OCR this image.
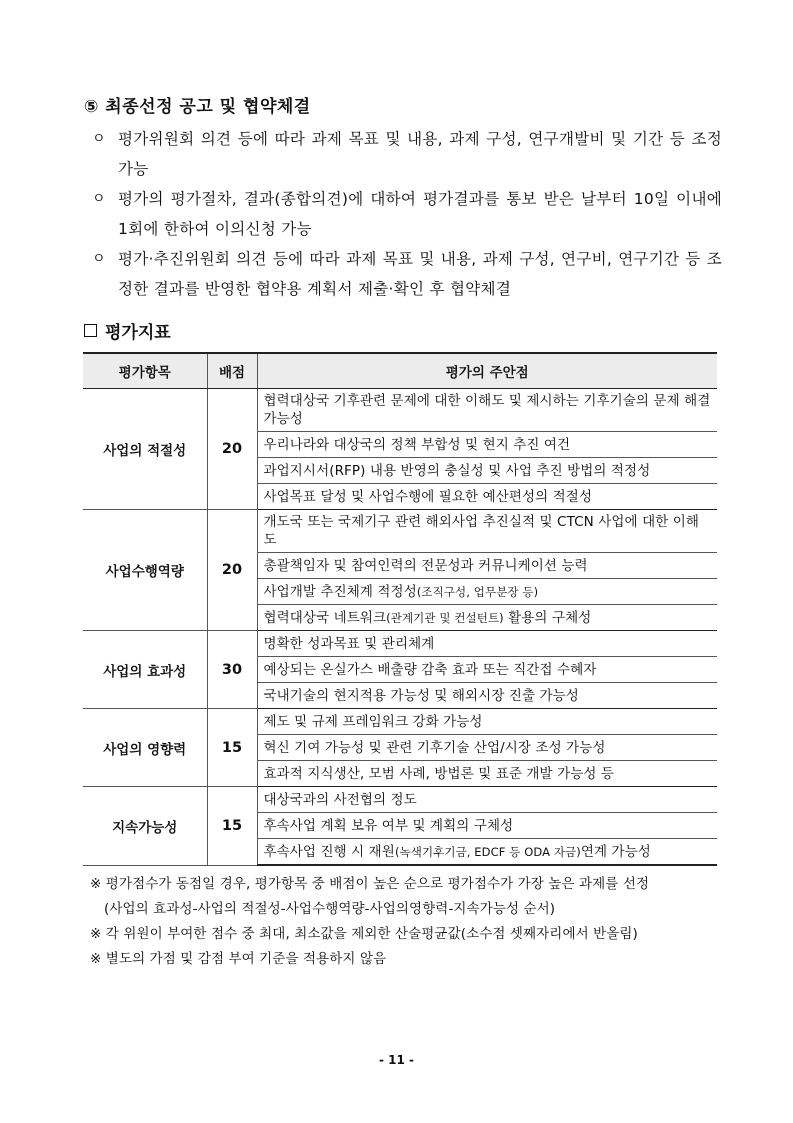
⑤ 최종선정 공고 및 협약체결
ㅇ 평가위원회 의견 등에 따라 과제 목표 및 내용, 과제 구성, 연구개발비 및 기간 등 조정 가능
ㅇ 평가의 평가절차, 결과(종합의견)에 대하여 평가결과를 통보 받은 날부터 10일 이내에 1회에 한하여 이의신청 가능
ㅇ 평가·추진위원회 의견 등에 따라 과제 목표 및 내용, 과제 구성, 연구비, 연구기간 등 조정한 결과를 반영한 협약용 계획서 제출·확인 후 협약체결
평가지표
평가항목	배점	평가의 주안점
사업의 적절성	20	협력대상국 기후관련 문제에 대한 이해도 및 제시하는 기후기술의 문제 해결가능성
		우리나라와 대상국의 정책 부합성 및 현지 추진 여건
		과업지시서(RFP) 내용 반영의 충실성 및 사업 추진 방법의 적정성
		사업목표 달성 및 사업수행에 필요한 예산편성의 적절성
사업수행역량	20	개도국 또는 국제기구 관련 해외사업 추진실적 및 CTCN 사업에 대한 이해도
		총괄책임자 및 참여인력의 전문성과 커뮤니케이션 능력
		사업개발 추진체계 적정성(조직구성, 업무분장 등)
		협력대상국 네트워크(관계기관 및 컨설턴트) 활용의 구체성
사업의 효과성	30	명확한 성과목표 및 관리체계
		예상되는 온실가스 배출량 감축 효과 또는 직간접 수혜자
		국내기술의 현지적용 가능성 및 해외시장 진출 가능성
사업의 영향력	15	제도 및 규제 프레임워크 강화 가능성
		혁신 기여 가능성 및 관련 기후기술 산업/시장 조성 가능성
		효과적 지식생산, 모범 사례, 방법론 및 표준 개발 가능성 등
지속가능성	15	대상국과의 사전협의 정도
		후속사업 계획 보유 여부 및 계획의 구체성
		후속사업 진행 시 재원(녹색기후기금, EDCF 등 ODA 자금)연계 가능성
※ 평가점수가 동점일 경우, 평가항목 중 배점이 높은 순으로 평가점수가 가장 높은 과제를 선정
(사업의 효과성-사업의 적절성-사업수행역량-사업의영향력-지속가능성 순서)
※ 각 위원이 부여한 점수 중 최대, 최소값을 제외한 산술평균값(소수점 셋째자리에서 반올림)
※ 별도의 가점 및 감점 부여 기준을 적용하지 않음
- 11 -
